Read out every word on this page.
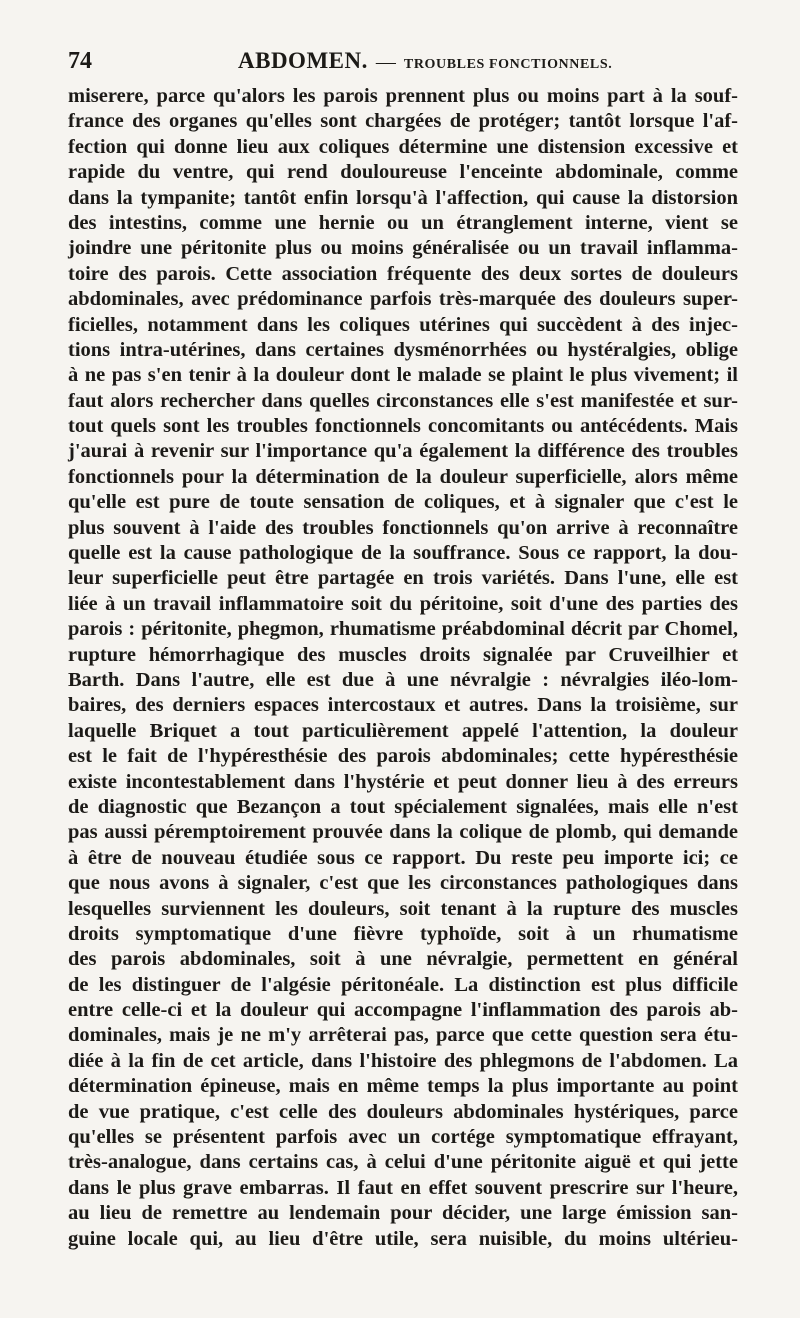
74	ABDOMEN. — TROUBLES FONCTIONNELS.
miserere, parce qu'alors les parois prennent plus ou moins part à la souf-
france des organes qu'elles sont chargées de protéger; tantôt lorsque l'af-
fection qui donne lieu aux coliques détermine une distension excessive et
rapide du ventre, qui rend douloureuse l'enceinte abdominale, comme
dans la tympanite; tantôt enfin lorsqu'à l'affection, qui cause la distorsion
des intestins, comme une hernie ou un étranglement interne, vient se
joindre une péritonite plus ou moins généralisée ou un travail inflamma-
toire des parois. Cette association fréquente des deux sortes de douleurs
abdominales, avec prédominance parfois très-marquée des douleurs super-
ficielles, notamment dans les coliques utérines qui succèdent à des injec-
tions intra-utérines, dans certaines dysménorrhées ou hystéralgies, oblige
à ne pas s'en tenir à la douleur dont le malade se plaint le plus vivement; il
faut alors rechercher dans quelles circonstances elle s'est manifestée et sur-
tout quels sont les troubles fonctionnels concomitants ou antécédents. Mais
j'aurai à revenir sur l'importance qu'a également la différence des troubles
fonctionnels pour la détermination de la douleur superficielle, alors même
qu'elle est pure de toute sensation de coliques, et à signaler que c'est le
plus souvent à l'aide des troubles fonctionnels qu'on arrive à reconnaître
quelle est la cause pathologique de la souffrance. Sous ce rapport, la dou-
leur superficielle peut être partagée en trois variétés. Dans l'une, elle est
liée à un travail inflammatoire soit du péritoine, soit d'une des parties des
parois : péritonite, phegmon, rhumatisme préabdominal décrit par Chomel,
rupture hémorrhagique des muscles droits signalée par Cruveilhier et
Barth. Dans l'autre, elle est due à une névralgie : névralgies iléo-lom-
baires, des derniers espaces intercostaux et autres. Dans la troisième, sur
laquelle Briquet a tout particulièrement appelé l'attention, la douleur
est le fait de l'hypéresthésie des parois abdominales; cette hypéresthésie
existe incontestablement dans l'hystérie et peut donner lieu à des erreurs
de diagnostic que Bezançon a tout spécialement signalées, mais elle n'est
pas aussi péremptoirement prouvée dans la colique de plomb, qui demande
à être de nouveau étudiée sous ce rapport. Du reste peu importe ici; ce
que nous avons à signaler, c'est que les circonstances pathologiques dans
lesquelles surviennent les douleurs, soit tenant à la rupture des muscles
droits symptomatique d'une fièvre typhoïde, soit à un rhumatisme
des parois abdominales, soit à une névralgie, permettent en général
de les distinguer de l'algésie péritonéale. La distinction est plus difficile
entre celle-ci et la douleur qui accompagne l'inflammation des parois ab-
dominales, mais je ne m'y arrêterai pas, parce que cette question sera étu-
diée à la fin de cet article, dans l'histoire des phlegmons de l'abdomen. La
détermination épineuse, mais en même temps la plus importante au point
de vue pratique, c'est celle des douleurs abdominales hystériques, parce
qu'elles se présentent parfois avec un cortége symptomatique effrayant,
très-analogue, dans certains cas, à celui d'une péritonite aiguë et qui jette
dans le plus grave embarras. Il faut en effet souvent prescrire sur l'heure,
au lieu de remettre au lendemain pour décider, une large émission san-
guine locale qui, au lieu d'être utile, sera nuisible, du moins ultérieu-
